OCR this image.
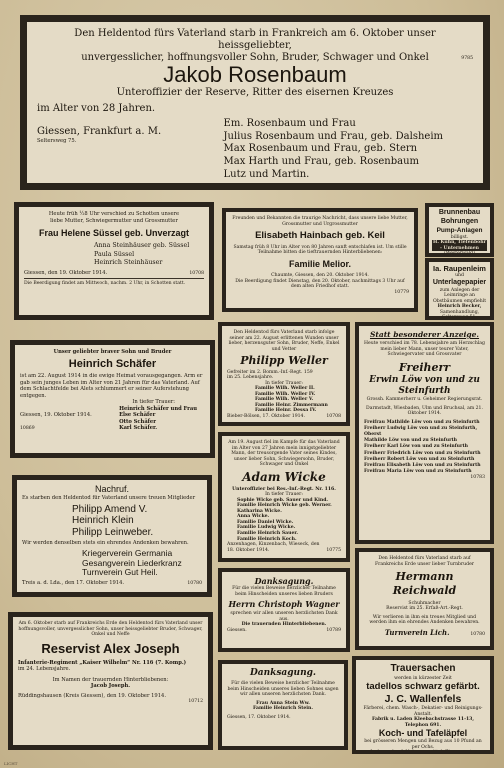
Den Heldentod fürs Vaterland starb in Frankreich am 6. Oktober unser heissgeliebter,
unvergesslicher, hoffnungsvoller Sohn, Bruder, Schwager und Onkel	9785
Jakob Rosenbaum
Unteroffizier der Reserve, Ritter des eisernen Kreuzes
im Alter von 28 Jahren.
Giessen, Frankfurt a. M.
Seltersweg 75.
Em. Rosenbaum und Frau
Julius Rosenbaum und Frau, geb. Dalsheim
Max Rosenbaum und Frau, geb. Stern
Max Harth und Frau, geb. Rosenbaum
Lutz und Martin.
Heute früh ½8 Uhr verschied zu Schotten unsere
liebe Mutter, Schwiegermutter und Grossmutter
Frau Helene Süssel geb. Unverzagt
Anna Steinhäuser geb. Süssel
Paula Süssel
Heinrich Steinhäuser
Giessen, den 19. Oktober 1914.	10708
Die Beerdigung findet am Mittwoch, nachm. 2 Uhr, in Schotten statt.
Freunden und Bekannten die traurige Nachricht, dass unsere liebe Mutter, Grossmutter und Urgrossmutter
Elisabeth Hainbach geb. Keil
Samstag früh 8 Uhr im Alter von 80 Jahren sanft entschlafen ist. Um stille Teilnahme bitten die tieftrauernden Hinterbliebenen:
Familie Melior.
Chaumte, Giessen, den 20. Oktober 1914.
Die Beerdigung findet Dienstag, den 20. Oktober, nachmittags 3 Uhr auf dem alten Friedhof statt.
10779
Brunnenbau
Bohrungen
Pump-Anlagen
billigst.
H. Kuhn, Tiefenbohr - Unternehmen
(Westerwald)
Ia. Raupenleim
und
Unterlagepapier
zum Anlegen der Leimringe an Obstbäumen empfiehlt
Heinrich Becker,
Samenhandlung, Seltersweg 51.
Unser geliebter braver Sohn und Bruder
Heinrich Schäfer
ist am 22. August 1914 in die ewige Heimat vorausgegangen. Arm er gab sein junges Leben im Alter von 21 Jahren für das Vaterland. Auf dem Schlachtfelde bei Alets schlummert er seiner Auferstehung entgegen.
In tiefer Trauer:
Giessen, 19. Oktober 1914.
10869
Heinrich Schäfer und Frau
Else Schäfer
Otto Schäfer
Karl Schäfer.
Den Heldentod fürs Vaterland starb infolge seiner am 22. August erlittenen Wunden unser lieber, herzensguter Sohn, Bruder, Neffe, Enkel und Vetter
Philipp Weller
Gefreiter im 2. Bomm.-Inf.-Regt. 159
im 25. Lebensjahre.
In tiefer Trauer:
Familie Wilh. Weller II.
Familie Wilh. Weller IV.
Familie Wilh. Weller V.
Familie Heinr. Zimmermann
Familie Heinr. Dessa IV.
Bieber-Bölsen, 17. Oktober 1914.	10708
Statt besonderer Anzeige.
Heute verschied im 78. Lebensjahre am Herzschlag mein lieber Mann, unser teurer Vater, Schwiegervater und Grossvater
Freiherr
Erwin Löw von und zu Steinfurth
Grossh. Kammerherr u. Geheimer Regierungsrat.
Darmstadt, Wiesbaden, Ulm und Bruchsal, am 21. Oktober 1914.
Freifrau Mathilde Löw von und zu Steinfurth
Freiherr Ludwig Löw von und zu Steinfurth, Oberst
Mathilde Löw von und zu Steinfurth
Freiherr Karl Löw von und zu Steinfurth
Freiherr Friedrich Löw von und zu Steinfurth
Freiherr Robert Löw von und zu Steinfurth
Freifrau Elisabeth Löw von und zu Steinfurth
Freifrau Maria Löw von und zu Steinfurth
10783
Nachruf.
Es starben den Heldentod für Vaterland unsere treuen Mitglieder
Philipp Amend V.
Heinrich Klein
Philipp Leinweber.
Wir werden denselben stets ein ehrendes Andenken bewahren.
Kriegerverein Germania
Gesangverein Liederkranz
Turnverein Gut Heil.
Treis a. d. Lda., den 17. Oktober 1914.	10780
Am 19. August fiel im Kampfe für das Vaterland im Alter von 27 Jahren mein innigstgeliebter Mann, der treusorgende Vater seines Kindes, unser lieber Sohn, Schwiegersohn, Bruder, Schwager und Onkel
Adam Wicke
Unteroffizier bei Res.-Inf.-Regt. Nr. 116.
In tiefer Trauer:
Sophie Wicke geb. Sauer und Kind.
Familie Heinrich Wicke geb. Werner.
Katharina Wicke.
Anna Wicke.
Familie Daniel Wicke.
Familie Ludwig Wicke.
Familie Heinrich Sauer.
Familie Heinrich Koch.
Anzenhagen, Kinzenbach, Wieseck, den 18. Oktober 1914.	10775
Den Heldentod fürs Vaterland starb auf Frankreichs Erde unser lieber Turnbruder
Hermann Reichwald
Schuhmacher
Reservist im 25. Erfaß-Art.-Regt.
Wir verlieren in ihm ein treues Mitglied und werden ihm ein ehrendes Andenken bewahren.
Turnverein Lich.	10780
Danksagung.
Für die vielen Beweise herzlicher Teilnahme beim Hinscheiden unseres lieben Bruders
Herrn Christoph Wagner
sprechen wir allen unseren herzlichsten Dank aus.
Die trauernden Hinterbliebenen.
Giessen.	10789
Am 6. Oktober starb auf Frankreichs Erde den Heldentod fürs Vaterland unser hoffnungsvoller, unvergesslicher Sohn, unser heissgeliebter Bruder, Schwager, Onkel und Neffe
Reservist Alex Joseph
Infanterie-Regiment „Kaiser Wilhelm“ Nr. 116 (7. Komp.)
im 24. Lebensjahre.
Im Namen der trauernden Hinterbliebenen:
Jacob Joseph.
Rüddingshausen (Kreis Giessen), den 19. Oktober 1914.
10712
Danksagung.
Für die vielen Beweise herzlicher Teilnahme beim Hinscheiden unseres lieben Sohnes sagen wir allen unseren herzlichsten Dank.
Frau Anna Stein Ww.
Familie Heinrich Stein.
Giessen, 17. Oktober 1914.
Trauersachen
werden in kürzester Zeit
tadellos schwarz gefärbt.
J. C. Wallenfels
Färberei, chem. Wasch-, Dekatier- und Reinigungs-Anstalt.
Fabrik u. Laden Kleebachstrasse 11-13, Telephon 691.
Koch- und Tafeläpfel
bei grösseren Mengen und Bezug aus 10 Pfund an per Ochs.
Ladenverkauf: Nahrungsmittel, Zigarren etc.
LICHT
